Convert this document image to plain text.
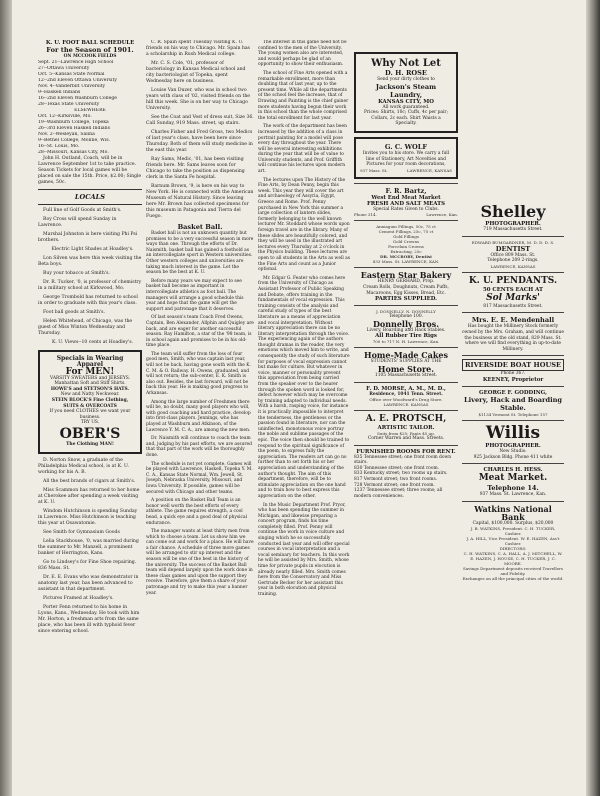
K. U. FOOT BALL SCHEDULE
For the Season of 1901.
ON MCCOOK FIELDS
Sept. 21--Lawrence High School
27--Ottawa University
Oct. 5--Kansas State Normal
12--2nd Eleven Ottawa University
Nov. 4--Vanderbilt University
9--Haskell Indians
16--2nd Eleven Washburn College
28--Texas State University
ELSEWHERE
Oct. 12--Kirksville, Mo.
19--Washburn College, Topeka
26--3rd Eleven Haskell Indians
Nov. 2--Wesleyan, Salina
9--Bethel College, Moline, Wis.
16--St. Louis, Mo.
28--Missouri, Kansas City, Mo.

John H. Outland, Coach, will be in Lawrence September 1st to take practice. Season Tickets for local games will be placed on sale the 15th. Price, $2.00; Single games, 50c.

LOCALS

Full line of Golf Goods at Smith's.

Roy Cross will spend Sunday in Lawrence.

Marshal Johnston is here visiting Phi Psi brothers.

Electric Light Shades at Hoadley's.

Lon Silven was here this week visiting the Beta boys.

Buy your tobacco at Smith's.

Dr. R. Tucker, '0, is professor of chemistry in a military school at Kirkwood, Mo.

George Trombold has returned to school in order to graduate with this year's class.

Foot ball goods at Smith's.

Helen Whitehead, of Chicago, was the guest of Miss Winton Wednesday and Thursday.

K. U. Views--10 cents at Hoadley's.

Specials in Wearing Apparel
For MEN!
VARSITY SWEATERS and JERSEYS.
Manhattan Soft and Stiff Shirts.
HOWE'S and STETSON'S HATS.
New and Natty Neckwear.
STEIN BLOCK'S Fine Clothing, SUITS & OVERCOATS
If you need CLOTHES we want your business.
TRY US.
OBER'S
The Clothing MAN!

D. Norton Snow, a graduate of the Philadelphia Medical school, is at K. U. working for his A. B.

All the best brands of cigars at Smith's.

Miss Scammon has returned to her home at Cherokee after spending a week visiting at K. U.

Windom Hutchinson is spending Sunday in Lawrence. Miss Hutchinson is teaching this year at Osawatomie.

See Smith for Gymnasium Goods

Lelia Stackhouse, '0, was married during the summer to Mr. Manzell, a prominent banker of Herrington, Kans.

Go to Lindsey's for Fine Shoe repairing. 836 Mass. St.

Dr. E. E. Evans who was demonstrator in anatomy last year, has been advanced to assistant in that department.

Pictures Framed at Hoadley's.

Porter Fenn returned to his home in Lyons, Kans., Wednesday. He took with him Mr. Horton, a freshman arts from the same place, who has been ill with typhoid fever since entering school.

C. R. Spain spent Tuesday visiting K. U. friends on his way to Chicago. Mr. Spain has a scholarship in Rush Medical college.

Mr. C. S. Cole, '01, professor of bacteriology in Kansas Medical school and city bacteriologist of Topeka, spent Wednesday here on business.

Louise Van Duzer, who was in school two years with class of '02, visited friends on the hill this week. She is on her way to Chicago University.

See the Coat and Vest of dress suit, Size 36. Call Sunday, 919 Mass. street, up stairs.

Charles Fisher and Fred Gross, two Medics of last year's class, have been here since Thursday. Both of them will study medicine in the east this year.

Ray Sams, Medic, '01, has been visiting friends here. Mr. Sams leaves soon for Chicago to take the position as dispensing clerk in the Santa Fe hospital.

Barnum Brown, '9, is here on his way to New York. He is connected with the American Museum of Natural History. Since leaving here Mr. Brown has collected specimens for this museum in Patagonia and Tierra del Fuego.

Basket Ball.

Basket ball is not an unknown quantity but promises to be a very successful season in more ways than one. Through the efforts of Dr. Naismith, basket ball has gained a foothold as an intercollegiate sport in Western universities. Other western colleges and universities are taking much interest in the game. Let the season be the best at K. U.

Before many years we may expect to see basket ball become as important in intercollegiate athletics as foot ball. The managers will arrange a good schedule this year and hope that the game will get the support and patronage that it deserves.

Of last season's team Coach Fred Owens, Captain, Ben Alexander, Allphin and Quigley are back, and are eager for another successful season. Ray Hamilton, a star of the '98 team, is in school again and promises to be in his old-time place.

The team will suffer from the loss of four good men, Smith, who was captain last year, will not be back, having gone south with the K. C. M. & O. Railway. H. Owens, graduated, and will not return; the sub-center, E. K. Smith is also out. Besides, the last forward, will not be back this year. He is making good progress to Arkansas.

Among the large number of Freshmen there will be, no doubt, many good players who will, with good coaching and hard practice, develop into first-class players. Jennings, who has played at Washburn and Atkinson, of the Lawrence Y. M. C. A., are among the new men.

Dr. Naismith will continue to coach the team and, judging by his past efforts, we are assured that that part of the work will be thoroughly done.

The schedule is not yet complete. Games will be played with Lawrence, Haskell, Topeka Y. M. C. A., Kansas State Normal, Wm. Jewell, St. Joseph, Nebraska University, Missouri, and Iowa University. If possible, games will be secured with Chicago and other teams.

A position on the Basket Ball Team is an honor well worth the best efforts of every athlete. The game requires strength, a cool head, a quick eye and a good deal of physical endurance.

The manager wants at least thirty men from which to choose a team. Let us show him we can come out and work for a place. He will have a fair chance. A schedule of three more games will be arranged to stir up interest and the season will be one of the best in the history of the university. The success of the Basket Ball team will depend largely upon the work done in these class games and upon the support they receive. Therefore, give them a share of your patronage and try to make this year a banner year.

The interest in this game need not be confined to the men of the University. The young women also are interested, and would perhaps be glad of an opportunity to show their enthusiasm.

The school of Fine Arts opened with a remarkable enrollment, more than doubling that of last year, up to the present time. While all the departments of the school feel the increase, that of Drawing and Painting is the chief gainer more students having begun their work in this school than the whole comprised the total enrollment for last year.

The work of the department has been increased by the addition of a class in portrait painting for a model will pose every day throughout the year. There will be several interesting exhibitions during the year that will be of value to University students, and Prof. Griffith will continue his lectures upon modern art.

The lectures upon The History of the Fine Arts, by Dean Penny, begin this week. This year they will cover the art and archaeology of Assyria, Egypt, Greece and Rome. Prof. Penny purchased in New York this summer a large collection of lantern slides, formerly belonging to the well known lecturer Mr. Stoddard whose words upon foreign travel are in the library. Many of these slides are beautifully colored, and they will be used in the illustrated art lectures every Thursday at 2 o'clock in the Physics building. These lectures are open to all students in the Arts as well as the Fine Arts and count as a Junior optional.

Mr. Edgar G. Feater who comes here from the University of Chicago as Assistant Professor of Public Speaking and Debate, offers training in the fundamentals of vocal expression. This training consists of the analysis and careful study of types of the best literature as a means of appreciation and vocal interpretation. Without literary appreciation there can be no literary interpretation through the voice. The experiencing again of the authors thought dramas in the reader, the very emotions which moved him to write, and consequently the study of such literature for purposes of vocal expression cannot but make for culture. But whatever in voice, manner or personality prevent this appreciation from being carried from the speaker over to the hearer through the spoken word is looked for, defect however which may be overcome by training adapted to individual needs. With a harsh, rasping voice, for instance it is practically impossible to interpret the tenderness, the gentleness or the passion found in literature, nor can the uninflected, monotonous voice portray the noble and sublime passages of the epic. The voice then should be trained to respond to the spiritual significance of the poem, to express fully the appreciation. The readers art can go no further than to set forth his or her appreciation and understanding of the author's thought. The aim of this department, therefore, will be to stimulate appreciation on the one hand and to train how to best express this appreciation on the other.

In the Music Department Prof. Pryor, who has been spending the summer in Michigan, and likewise preparing a concert program, finds his time completely filled. Prof. Penny will continue the work in voice culture and singing which he so successfully conducted last year and will offer special courses in vocal interpretation and a vocal seminary for teachers. In this work he will be assisted by Mrs. Smith, whose time for private pupils in elocution is already nearly filled. Mrs. Smith comes here from the Conservatory and Miss Gertrude Becker for her assistant this year in both elocution and physical training.

Why Not Let
D. H. ROSE
Send your dirty clothes to
Jackson's Steam Laundry,
KANSAS CITY, MO
All work guaranteed.
Prices: Shirts, 10c; Cuffs, 4c per pair; Collars, 2c each. Shirt Waists a Specialty.
G. C. WOLF
Invites you to his store. We carry a full line of Stationery, Art Novelties and Pictures for your room decorations,
937 Mass. St.	LAWRENCE, KANSAS
F. R. Bartz,
West End Meat Market
FRESH AND SALT MEATS
Special Rates Given to Clubs.
Phone 314.	Lawrence, Kan.
Anniagum Fillings, 50c, 75 ct
Cement Fillings, 25c, 75 ct
Gold Fillings
Gold Crowns
Porcelain Crowns
Extracting, 25c
DR. MCCRORY, Dentist
833 Mass. St. LAWRENCE, KAN.
Eastern Star Bakery
HENRY GERHARD, Prop.
Cream Rolls, Doughnuts, Cream Puffs, Macaroons, Egg Kisses, Bread, Etc.
PARTIES SUPPLIED.
J. DONNELLY. N. DONNELLY
Telephone 100.
Donnelly Bros.
Livery, Boarding and Hack Stables.
All Rubber Tire Rigs
700 to 717 N. H. Lawrence, Kan.
Home-Made Cakes
STUDENTS' SUPPLIES AT THE
Home Store.
1105 Massachusetts Street.
F. D. MORSE, A. M., M. D.,
Residence, 1041 Tenn. Street.
Office over Woodward's Drug Store.
LAWRENCE. KANSAS
A. E. PROTSCH,
ARTISTIC TAILOR.
Suits from $25; Pants $5 up.
Corner Warren and Mass. Streets.
FURNISHED ROOMS FOR RENT.
835 Tennessee street; one front room down stairs.
830 Tennessee street; one front room.
833 Kentucky street; two rooms up stairs.
817 Vermont street; two front rooms.
728 Vermont street; one front room.
1237 Tennessee street; three rooms; all modern conveniences.
Shelley
PHOTOGRAPHER.
719 Massachusetts Street.
EDWARD BUMGARDNER, M. D. D. D. S.
DENTIST
Office 809 Mass. St.
Telephone 209 2-rings.
LAWRENCE, KANSAS
K. U. PENDANTS.
50 CENTS EACH AT
Sol Marks'
817 Massachusetts Street.
Mrs. E. E. Mendenhall
Has bought the Millinery Stock formerly owned by the Mrs. Graham, and will continue the business at the old stand, 829 Mass. St. where we will find everything in up-to-date Millinery.
RIVERSIDE BOAT HOUSE
Phone 367.
KEENEY, Proprietor
GEORGE F. GODDING,
Livery, Hack and Boarding Stable.
$1134 Vermont St. Telephone 157
Willis
PHOTOGRAPHER.
New Studio.
925 Jackson Bldg. Phone 411 white
CHARLES H. HESS.
Meat Market.
Telephone 14.
937 Mass. St. Lawrence, Kan.
Watkins National Bank
Capital, $100,000. Surplus, $20,000
J. B. WATKINS, President. C. H. TUCKER, Cashier.
J. A. HILL, Vice President. W. E. HAZEN, Ass't Cashier.
DIRECTORS:
C. H. WATKINS, C. A. HALL, A. J. MITCHELL, W. E. HAZEN, J. HOUSE, C. H. TUCKER, J. C. MOORE.
Savings Department deposits received Travellers and Fidelity.
Exchanges on all the principal cities of the world.
